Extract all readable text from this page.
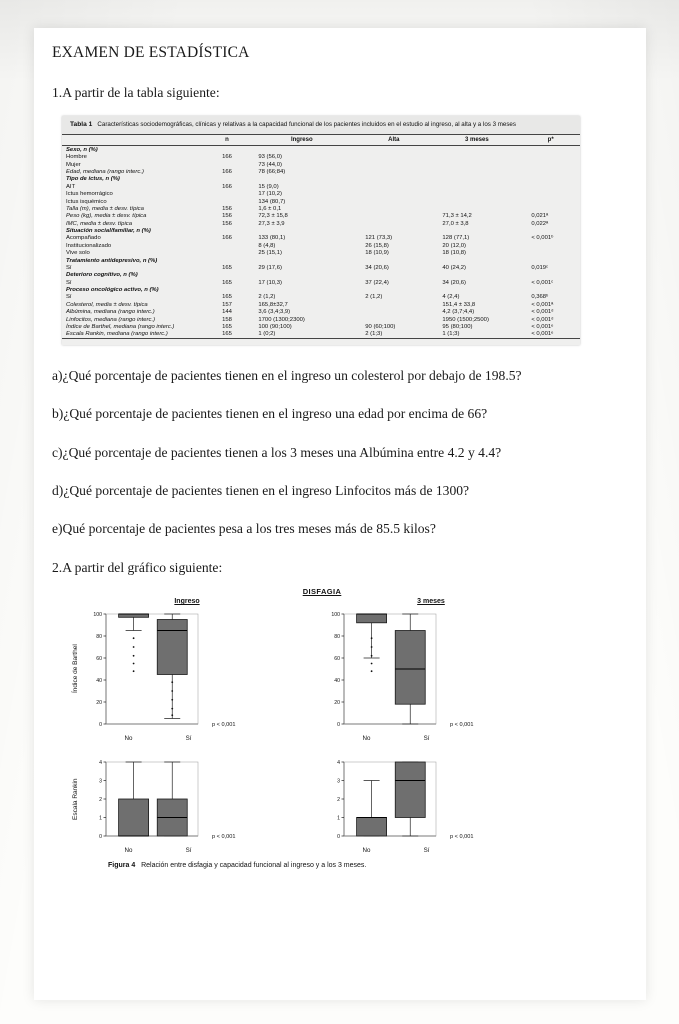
EXAMEN DE ESTADÍSTICA
1.A partir de la tabla siguiente:
Tabla 1 Características sociodemográficas, clínicas y relativas a la capacidad funcional de los pacientes incluidos en el estudio al ingreso, al alta y a los 3 meses
	n	Ingreso	Alta	3 meses	p*
Sexo, n (%)					
Hombre	166	93 (56,0)			
Mujer		73 (44,0)			
Edad, mediana (rango interc.)	166	78 (66;84)			
Tipo de ictus, n (%)					
AIT	166	15 (9,0)			
Ictus hemorrágico		17 (10,2)			
Ictus isquémico		134 (80,7)			
Talla (m), media ± desv. típica	156	1,6 ± 0,1			
Peso (kg), media ± desv. típica	156	72,3 ± 15,8		71,3 ± 14,2	0,021ª
IMC, media ± desv. típica	156	27,3 ± 3,9		27,0 ± 3,8	0,022ª
Situación social/familiar, n (%)					
Acompañado	166	133 (80,1)	121 (73,3)	128 (77,1)	< 0,001ᵇ
Institucionalizado		8 (4,8)	26 (15,8)	20 (12,0)	
Vive solo		25 (15,1)	18 (10,9)	18 (10,8)	
Tratamiento antidepresivo, n (%)					
Sí	165	29 (17,6)	34 (20,6)	40 (24,2)	0,019ᶜ
Deterioro cognitivo, n (%)					
Sí	165	17 (10,3)	37 (22,4)	34 (20,6)	< 0,001ᶜ
Proceso oncológico activo, n (%)					
Sí	165	2 (1,2)	2 (1,2)	4 (2,4)	0,368ᵇ
Colesterol, media ± desv. típica	157	165,8±32,7		151,4 ± 33,8	< 0,001ª
Albúmina, mediana (rango interc.)	144	3,6 (3,4;3,9)		4,2 (3,7;4,4)	< 0,001ᵈ
Linfocitos, mediana (rango interc.)	158	1700 (1300;2300)		1950 (1500;2500)	< 0,001ᵈ
Índice de Barthel, mediana (rango interc.)	165	100 (90;100)	90 (60;100)	95 (80;100)	< 0,001ᵉ
Escala Rankin, mediana (rango interc.)	165	1 (0;2)	2 (1;3)	1 (1;3)	< 0,001ᵉ
a)¿Qué porcentaje de pacientes tienen en el ingreso un colesterol por debajo de 198.5?
b)¿Qué porcentaje de pacientes tienen en el ingreso una edad por encima de 66?
c)¿Qué porcentaje de pacientes tienen a los 3 meses una Albúmina entre 4.2 y 4.4?
d)¿Qué porcentaje de pacientes tienen en el ingreso Linfocitos más de 1300?
e)Qué porcentaje de pacientes pesa a los tres meses más de 85.5 kilos?
2.A partir del gráfico siguiente:
DISFAGIA
Ingreso	3 meses
Índice de Barthel
0
20
40
60
80
100
p < 0,001
No	Sí
0
20
40
60
80
100
p < 0,001
No	Sí
Escala Rankin
0
1
2
3
4
p < 0,001
No	Sí
0
1
2
3
4
p < 0,001
No	Sí
Figura 4 Relación entre disfagia y capacidad funcional al ingreso y a los 3 meses.
